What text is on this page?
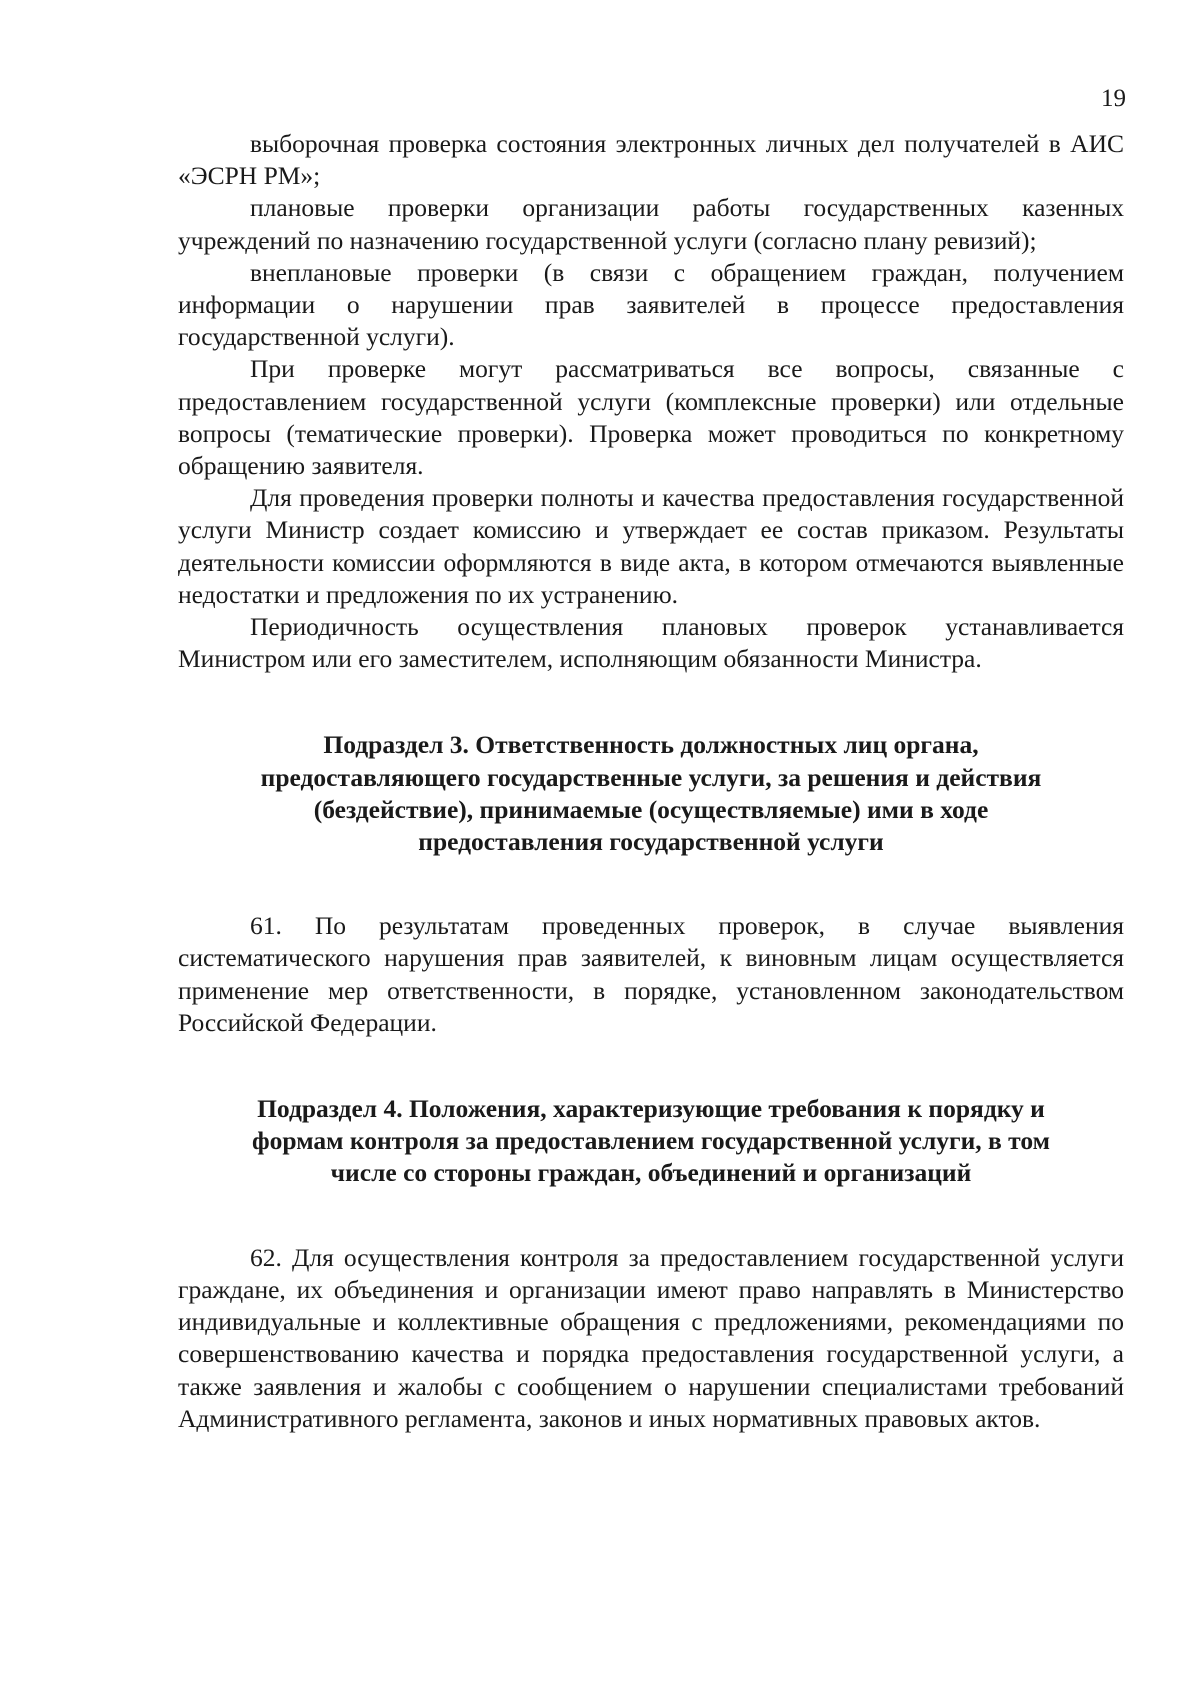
19

выборочная проверка состояния электронных личных дел получателей в АИС «ЭСРН РМ»;

плановые проверки организации работы государственных казенных учреждений по назначению государственной услуги (согласно плану ревизий);

внеплановые проверки (в связи с обращением граждан, получением информации о нарушении прав заявителей в процессе предоставления государственной услуги).

При проверке могут рассматриваться все вопросы, связанные с предоставлением государственной услуги (комплексные проверки) или отдельные вопросы (тематические проверки). Проверка может проводиться по конкретному обращению заявителя.

Для проведения проверки полноты и качества предоставления государственной услуги Министр создает комиссию и утверждает ее состав приказом. Результаты деятельности комиссии оформляются в виде акта, в котором отмечаются выявленные недостатки и предложения по их устранению.

Периодичность осуществления плановых проверок устанавливается Министром или его заместителем, исполняющим обязанности Министра.

Подраздел 3. Ответственность должностных лиц органа,

предоставляющего государственные услуги, за решения и действия

(бездействие), принимаемые (осуществляемые) ими в ходе

предоставления государственной услуги

61. По результатам проведенных проверок, в случае выявления систематического нарушения прав заявителей, к виновным лицам осуществляется применение мер ответственности, в порядке, установленном законодательством Российской Федерации.

Подраздел 4. Положения, характеризующие требования к порядку и

формам контроля за предоставлением государственной услуги, в том

числе со стороны граждан, объединений и организаций

62. Для осуществления контроля за предоставлением государственной услуги граждане, их объединения и организации имеют право направлять в Министерство индивидуальные и коллективные обращения с предложениями, рекомендациями по совершенствованию качества и порядка предоставления государственной услуги, а также заявления и жалобы с сообщением о нарушении специалистами требований Административного регламента, законов и иных нормативных правовых актов.
